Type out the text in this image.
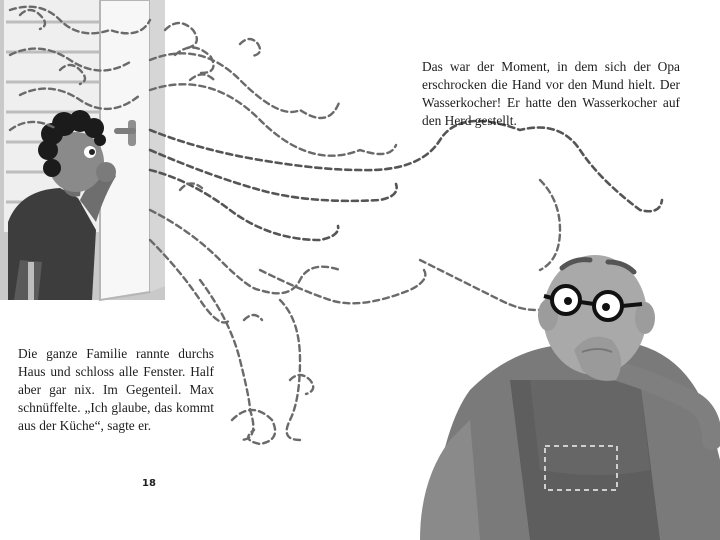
Das war der Moment, in dem sich der Opa erschrocken die Hand vor den Mund hielt. Der Wasserkocher! Er hatte den Wasserkocher auf den Herd gestellt.

Die ganze Familie rannte durchs Haus und schloss alle Fenster. Half aber gar nix. Im Gegenteil. Max schnüffelte. „Ich glaube, das kommt aus der Küche“, sagte er.

18
